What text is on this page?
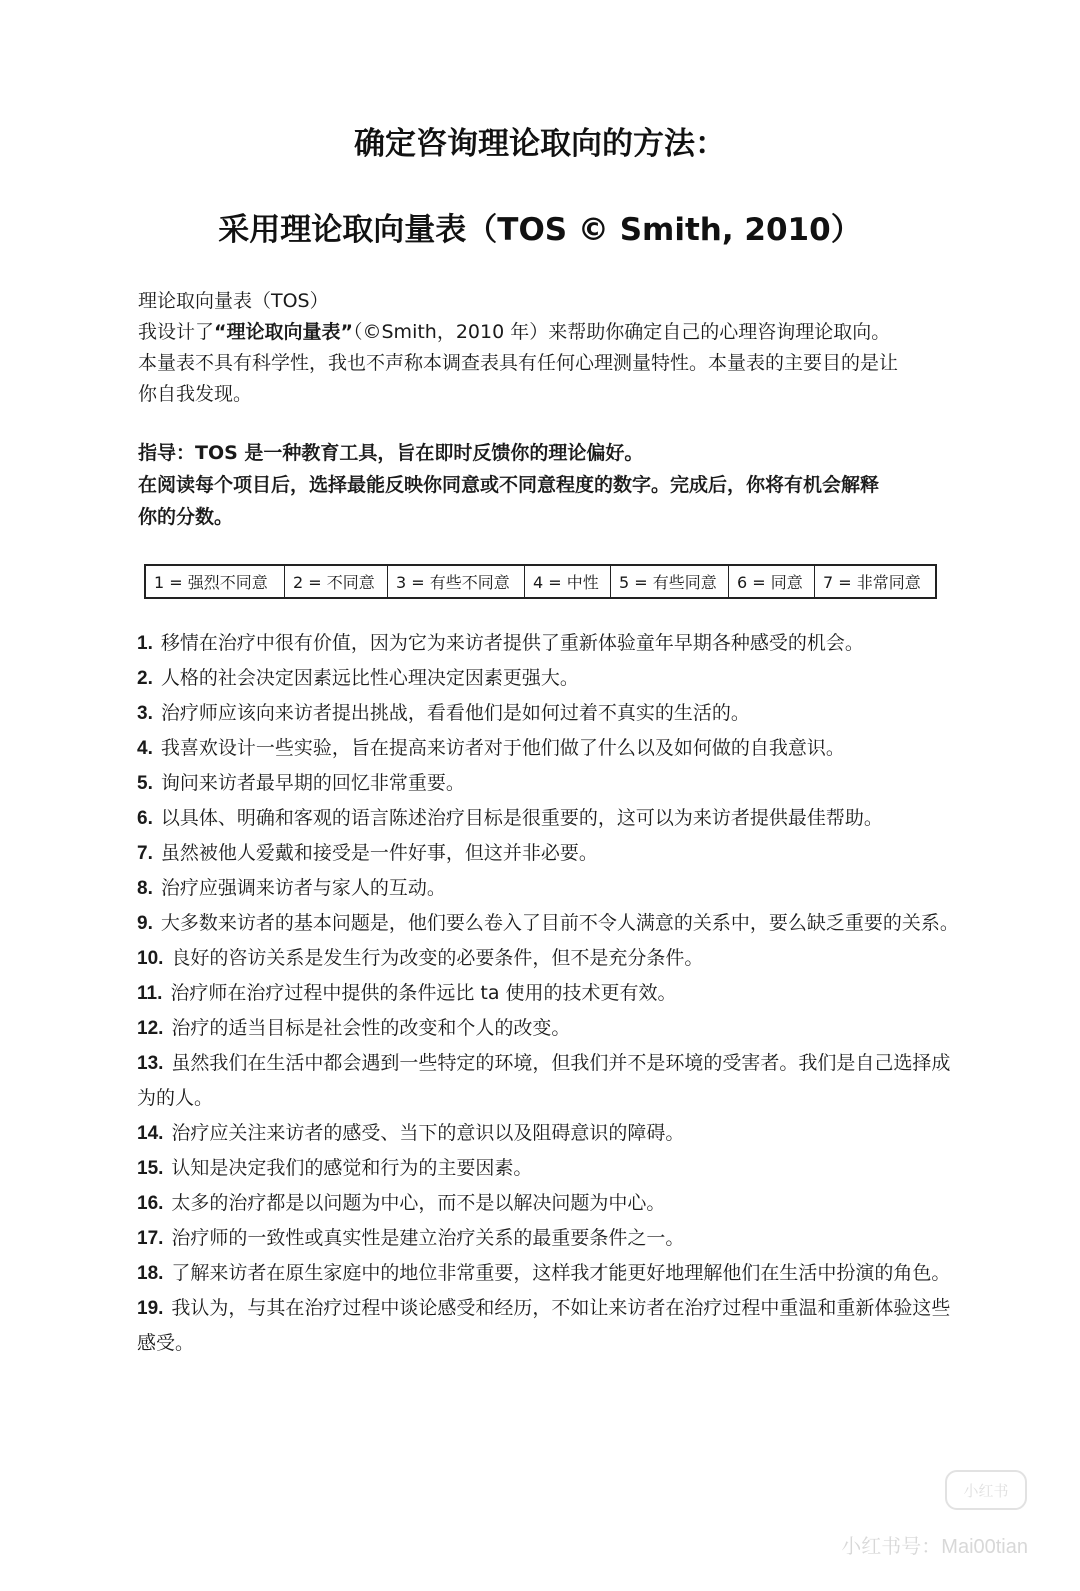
确定咨询理论取向的方法：
采用理论取向量表（TOS © Smith, 2010）

理论取向量表（TOS）

我设计了“理论取向量表”（©Smith，2010 年）来帮助你确定自己的心理咨询理论取向。

本量表不具有科学性，我也不声称本调查表具有任何心理测量特性。本量表的主要目的是让

你自我发现。

指导：TOS 是一种教育工具，旨在即时反馈你的理论偏好。

在阅读每个项目后，选择最能反映你同意或不同意程度的数字。完成后，你将有机会解释

你的分数。

1 = 强烈不同意	2 = 不同意	3 = 有些不同意	4 = 中性	5 = 有些同意	6 = 同意	7 = 非常同意
1. 移情在治疗中很有价值，因为它为来访者提供了重新体验童年早期各种感受的机会。
2. 人格的社会决定因素远比性心理决定因素更强大。
3. 治疗师应该向来访者提出挑战，看看他们是如何过着不真实的生活的。
4. 我喜欢设计一些实验，旨在提高来访者对于他们做了什么以及如何做的自我意识。
5. 询问来访者最早期的回忆非常重要。
6. 以具体、明确和客观的语言陈述治疗目标是很重要的，这可以为来访者提供最佳帮助。
7. 虽然被他人爱戴和接受是一件好事，但这并非必要。
8. 治疗应强调来访者与家人的互动。
9. 大多数来访者的基本问题是，他们要么卷入了目前不令人满意的关系中，要么缺乏重要的关系。
10. 良好的咨访关系是发生行为改变的必要条件，但不是充分条件。
11. 治疗师在治疗过程中提供的条件远比 ta 使用的技术更有效。
12. 治疗的适当目标是社会性的改变和个人的改变。
13. 虽然我们在生活中都会遇到一些特定的环境，但我们并不是环境的受害者。我们是自己选择成为的人。
14. 治疗应关注来访者的感受、当下的意识以及阻碍意识的障碍。
15. 认知是决定我们的感觉和行为的主要因素。
16. 太多的治疗都是以问题为中心，而不是以解决问题为中心。
17. 治疗师的一致性或真实性是建立治疗关系的最重要条件之一。
18. 了解来访者在原生家庭中的地位非常重要，这样我才能更好地理解他们在生活中扮演的角色。
19. 我认为，与其在治疗过程中谈论感受和经历，不如让来访者在治疗过程中重温和重新体验这些感受。
小红书
小红书号：Mai00tian
